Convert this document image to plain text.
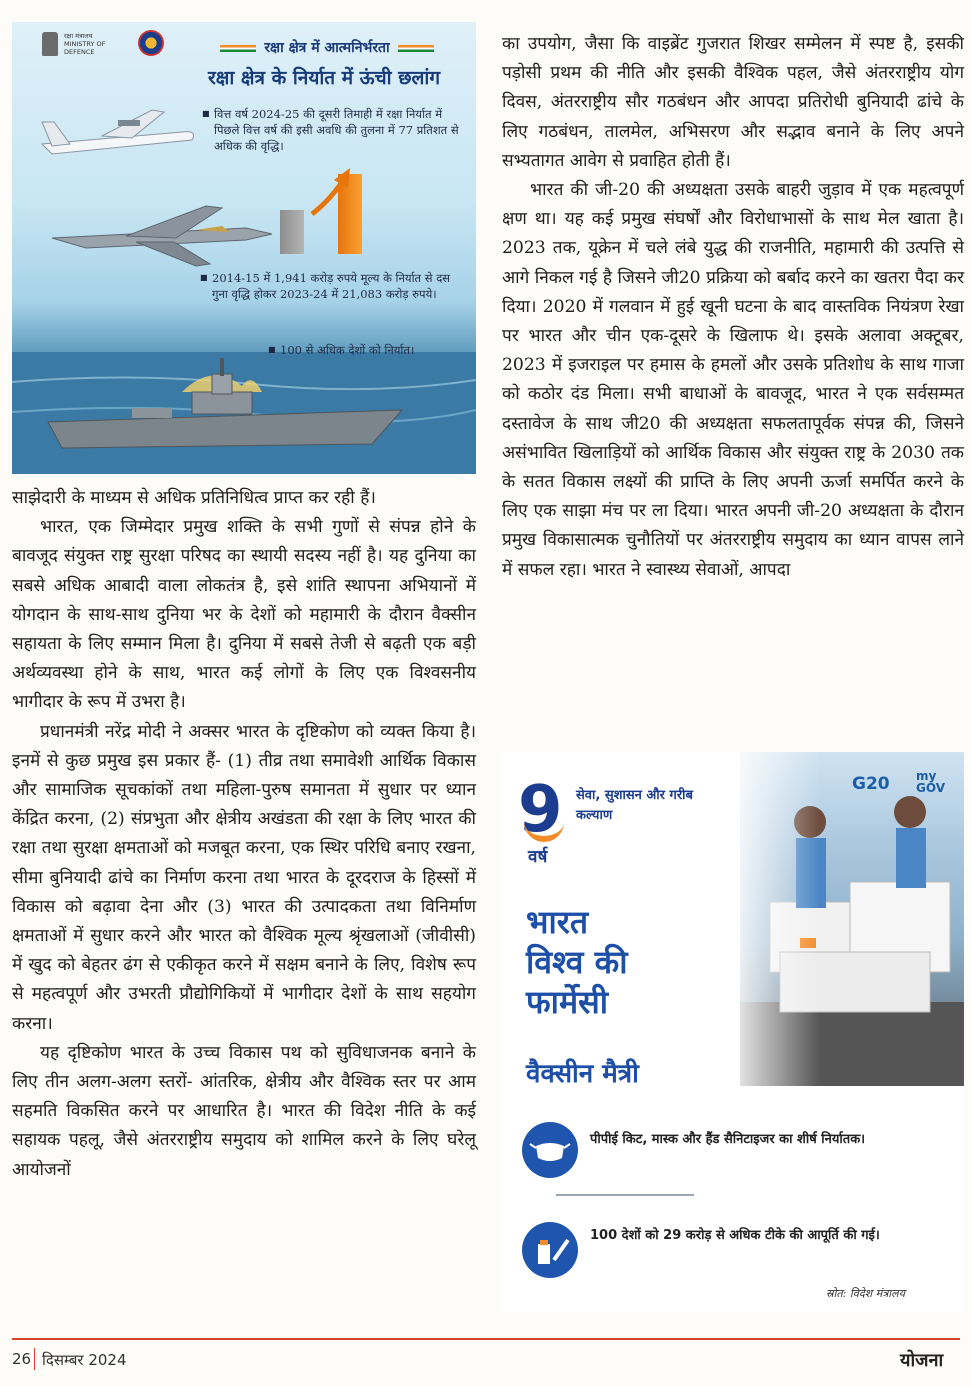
रक्षा मंत्रालय
MINISTRY OF
DEFENCE	रक्षा क्षेत्र में आत्मनिर्भरता
रक्षा क्षेत्र के निर्यात में ऊंची छलांग
■ वित्त वर्ष 2024-25 की दूसरी तिमाही में रक्षा निर्यात में पिछले वित्त वर्ष की इसी अवधि की तुलना में 77 प्रतिशत से अधिक की वृद्धि।
■ 2014-15 में 1,941 करोड़ रुपये मूल्य के निर्यात से दस गुना वृद्धि होकर 2023-24 में 21,083 करोड़ रुपये।
■ 100 से अधिक देशों को निर्यात।

साझेदारी के माध्यम से अधिक प्रतिनिधित्व प्राप्त कर रही हैं।

भारत, एक जिम्मेदार प्रमुख शक्ति के सभी गुणों से संपन्न होने के बावजूद संयुक्त राष्ट्र सुरक्षा परिषद का स्थायी सदस्य नहीं है। यह दुनिया का सबसे अधिक आबादी वाला लोकतंत्र है, इसे शांति स्थापना अभियानों में योगदान के साथ-साथ दुनिया भर के देशों को महामारी के दौरान वैक्सीन सहायता के लिए सम्मान मिला है। दुनिया में सबसे तेजी से बढ़ती एक बड़ी अर्थव्यवस्था होने के साथ, भारत कई लोगों के लिए एक विश्वसनीय भागीदार के रूप में उभरा है।

प्रधानमंत्री नरेंद्र मोदी ने अक्सर भारत के दृष्टिकोण को व्यक्त किया है। इनमें से कुछ प्रमुख इस प्रकार हैं- (1) तीव्र तथा समावेशी आर्थिक विकास और सामाजिक सूचकांकों तथा महिला-पुरुष समानता में सुधार पर ध्यान केंद्रित करना, (2) संप्रभुता और क्षेत्रीय अखंडता की रक्षा के लिए भारत की रक्षा तथा सुरक्षा क्षमताओं को मजबूत करना, एक स्थिर परिधि बनाए रखना, सीमा बुनियादी ढांचे का निर्माण करना तथा भारत के दूरदराज के हिस्सों में विकास को बढ़ावा देना और (3) भारत की उत्पादकता तथा विनिर्माण क्षमताओं में सुधार करने और भारत को वैश्विक मूल्य श्रृंखलाओं (जीवीसी) में खुद को बेहतर ढंग से एकीकृत करने में सक्षम बनाने के लिए, विशेष रूप से महत्वपूर्ण और उभरती प्रौद्योगिकियों में भागीदार देशों के साथ सहयोग करना।

यह दृष्टिकोण भारत के उच्च विकास पथ को सुविधाजनक बनाने के लिए तीन अलग-अलग स्तरों- आंतरिक, क्षेत्रीय और वैश्विक स्तर पर आम सहमति विकसित करने पर आधारित है। भारत की विदेश नीति के कई सहायक पहलू, जैसे अंतरराष्ट्रीय समुदाय को शामिल करने के लिए घरेलू आयोजनों

का उपयोग, जैसा कि वाइब्रेंट गुजरात शिखर सम्मेलन में स्पष्ट है, इसकी पड़ोसी प्रथम की नीति और इसकी वैश्विक पहल, जैसे अंतरराष्ट्रीय योग दिवस, अंतरराष्ट्रीय सौर गठबंधन और आपदा प्रतिरोधी बुनियादी ढांचे के लिए गठबंधन, तालमेल, अभिसरण और सद्भाव बनाने के लिए अपने सभ्यतागत आवेग से प्रवाहित होती हैं।

भारत की जी-20 की अध्यक्षता उसके बाहरी जुड़ाव में एक महत्वपूर्ण क्षण था। यह कई प्रमुख संघर्षों और विरोधाभासों के साथ मेल खाता है। 2023 तक, यूक्रेन में चले लंबे युद्ध की राजनीति, महामारी की उत्पत्ति से आगे निकल गई है जिसने जी20 प्रक्रिया को बर्बाद करने का खतरा पैदा कर दिया। 2020 में गलवान में हुई खूनी घटना के बाद वास्तविक नियंत्रण रेखा पर भारत और चीन एक-दूसरे के खिलाफ थे। इसके अलावा अक्टूबर, 2023 में इजराइल पर हमास के हमलों और उसके प्रतिशोध के साथ गाजा को कठोर दंड मिला। सभी बाधाओं के बावजूद, भारत ने एक सर्वसम्मत दस्तावेज के साथ जी20 की अध्यक्षता सफलतापूर्वक संपन्न की, जिसने असंभावित खिलाड़ियों को आर्थिक विकास और संयुक्त राष्ट्र के 2030 तक के सतत विकास लक्ष्यों की प्राप्ति के लिए अपनी ऊर्जा समर्पित करने के लिए एक साझा मंच पर ला दिया। भारत अपनी जी-20 अध्यक्षता के दौरान प्रमुख विकासात्मक चुनौतियों पर अंतरराष्ट्रीय समुदाय का ध्यान वापस लाने में सफल रहा। भारत ने स्वास्थ्य सेवाओं, आपदा

9
वर्ष
सेवा, सुशासन और गरीब कल्याण
G20 my
GOV
भारत
विश्व की
फार्मेसी
वैक्सीन मैत्री
पीपीई किट, मास्क और हैंड सैनिटाइजर का शीर्ष निर्यातक।
100 देशों को 29 करोड़ से अधिक टीके की आपूर्ति की गई।
स्रोत: विदेश मंत्रालय
26 दिसम्बर 2024	योजना
